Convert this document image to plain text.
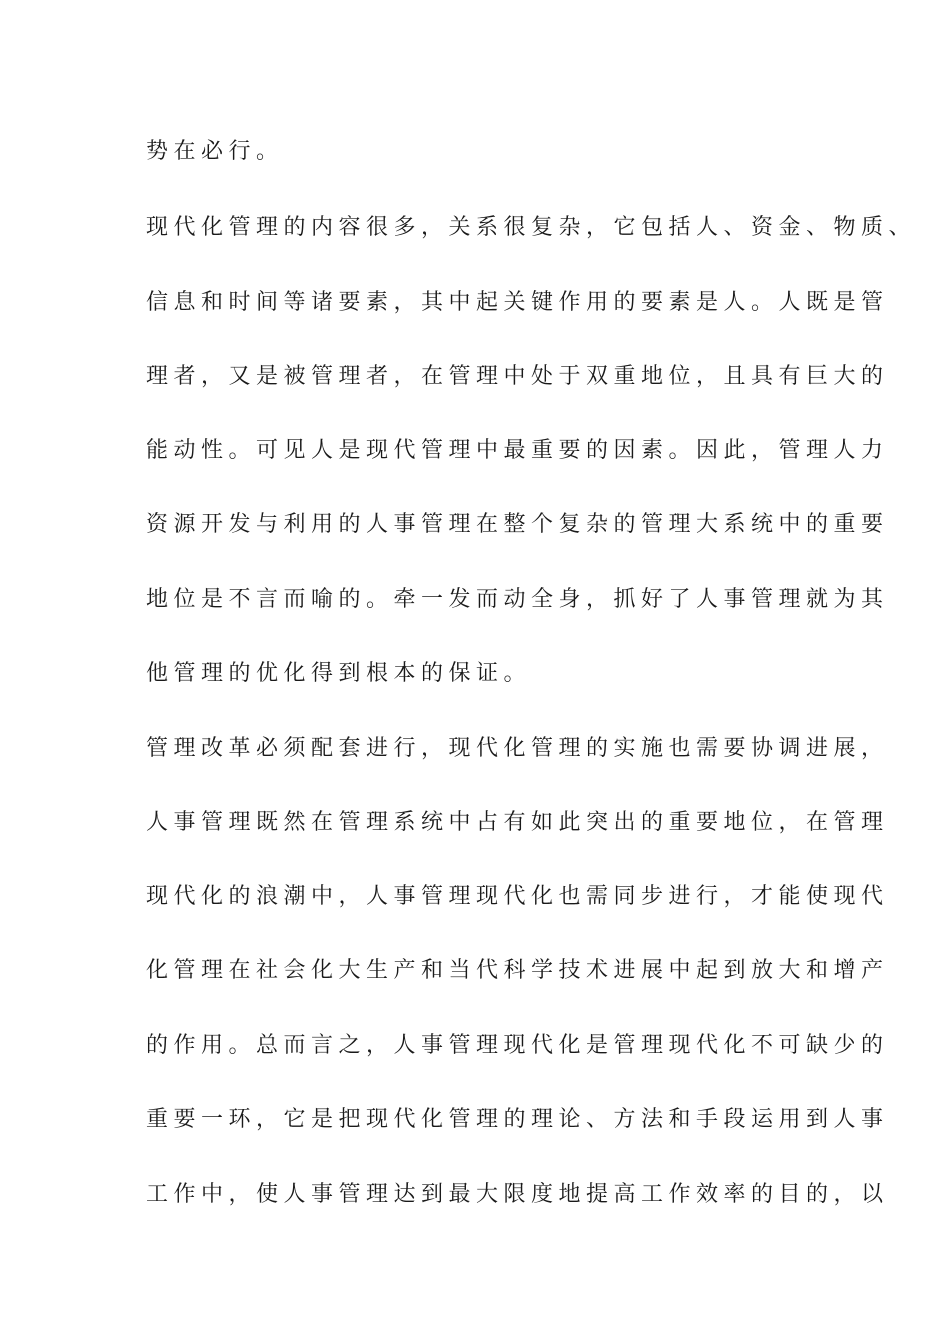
势在必行。
现代化管理的内容很多，关系很复杂，它包括人、资金、物质、
信息和时间等诸要素，其中起关键作用的要素是人。人既是管
理者，又是被管理者，在管理中处于双重地位，且具有巨大的
能动性。可见人是现代管理中最重要的因素。因此，管理人力
资源开发与利用的人事管理在整个复杂的管理大系统中的重要
地位是不言而喻的。牵一发而动全身，抓好了人事管理就为其
他管理的优化得到根本的保证。
管理改革必须配套进行，现代化管理的实施也需要协调进展，
人事管理既然在管理系统中占有如此突出的重要地位，在管理
现代化的浪潮中，人事管理现代化也需同步进行，才能使现代
化管理在社会化大生产和当代科学技术进展中起到放大和增产
的作用。总而言之，人事管理现代化是管理现代化不可缺少的
重要一环，它是把现代化管理的理论、方法和手段运用到人事
工作中，使人事管理达到最大限度地提高工作效率的目的，以
